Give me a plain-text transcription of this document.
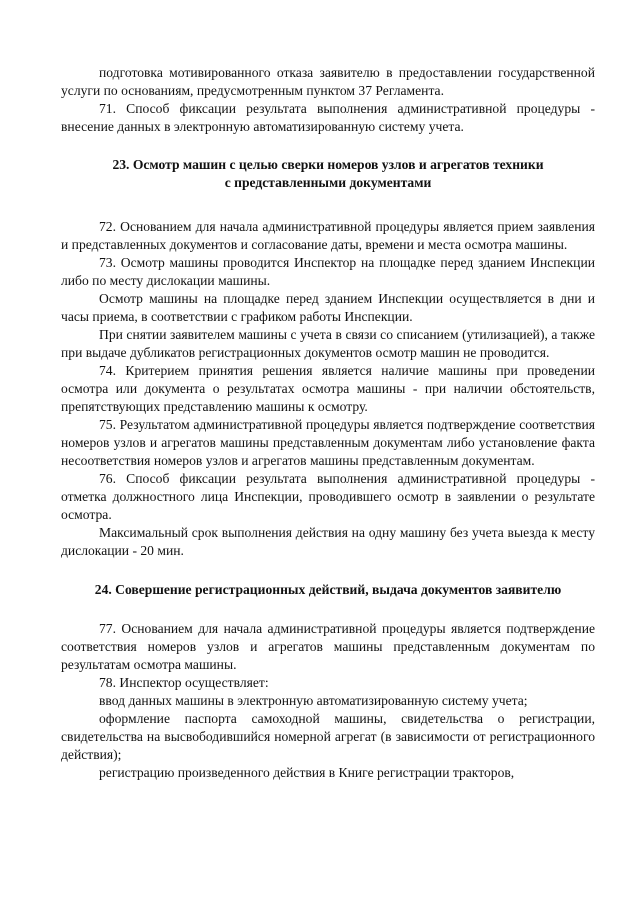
подготовка мотивированного отказа заявителю в предоставлении государственной услуги по основаниям, предусмотренным пунктом 37 Регламента.

71. Способ фиксации результата выполнения административной процедуры - внесение данных в электронную автоматизированную систему учета.

23. Осмотр машин с целью сверки номеров узлов и агрегатов техники

с представленными документами

72. Основанием для начала административной процедуры является прием заявления и представленных документов и согласование даты, времени и места осмотра машины.

73. Осмотр машины проводится Инспектор на площадке перед зданием Инспекции либо по месту дислокации машины.

Осмотр машины на площадке перед зданием Инспекции осуществляется в дни и часы приема, в соответствии с графиком работы Инспекции.

При снятии заявителем машины с учета в связи со списанием (утилизацией), а также при выдаче дубликатов регистрационных документов осмотр машин не проводится.

74. Критерием принятия решения является наличие машины при проведении осмотра или документа о результатах осмотра машины - при наличии обстоятельств, препятствующих представлению машины к осмотру.

75. Результатом административной процедуры является подтверждение соответствия номеров узлов и агрегатов машины представленным документам либо установление факта несоответствия номеров узлов и агрегатов машины представленным документам.

76. Способ фиксации результата выполнения административной процедуры - отметка должностного лица Инспекции, проводившего осмотр в заявлении о результате осмотра.

Максимальный срок выполнения действия на одну машину без учета выезда к месту дислокации - 20 мин.

24. Совершение регистрационных действий, выдача документов заявителю

77. Основанием для начала административной процедуры является подтверждение соответствия номеров узлов и агрегатов машины представленным документам по результатам осмотра машины.

78. Инспектор осуществляет:

ввод данных машины в электронную автоматизированную систему учета;

оформление паспорта самоходной машины, свидетельства о регистрации, свидетельства на высвободившийся номерной агрегат (в зависимости от регистрационного действия);

регистрацию произведенного действия в Книге регистрации тракторов,
